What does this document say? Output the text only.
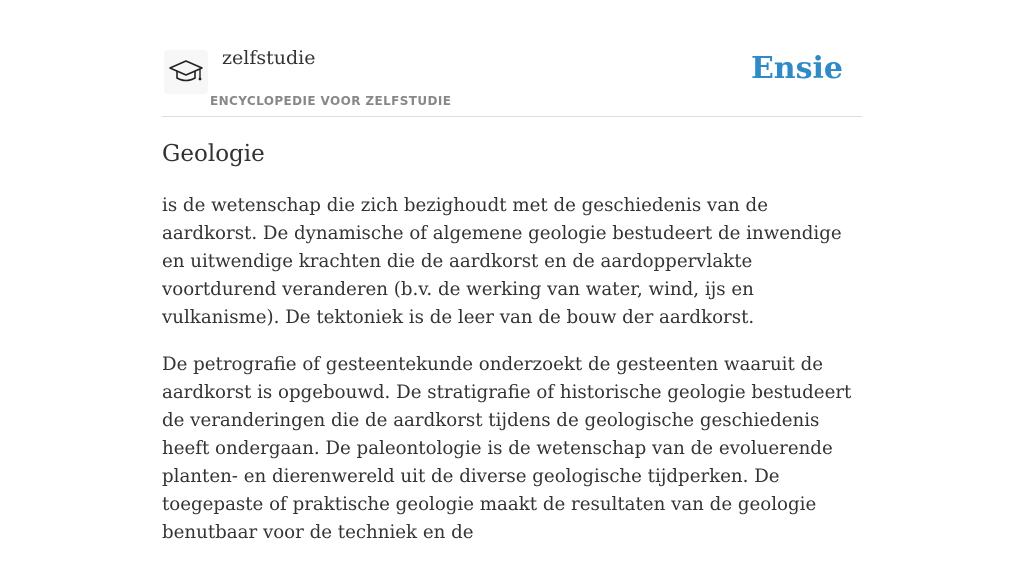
zelfstudie
ENCYCLOPEDIE VOOR ZELFSTUDIE
Ensie
Geologie

is de wetenschap die zich bezighoudt met de geschiedenis van de aardkorst. De dynamische of algemene geologie bestudeert de inwendige en uitwendige krachten die de aardkorst en de aardoppervlakte voortdurend veranderen (b.v. de werking van water, wind, ijs en vulkanisme). De tektoniek is de leer van de bouw der aardkorst.

De petrografie of gesteentekunde onderzoekt de gesteenten waaruit de aardkorst is opgebouwd. De stratigrafie of historische geologie bestudeert de veranderingen die de aardkorst tijdens de geologische geschiedenis heeft ondergaan. De paleontologie is de wetenschap van de evoluerende planten- en dierenwereld uit de diverse geologische tijdperken. De toegepaste of praktische geologie maakt de resultaten van de geologie benutbaar voor de techniek en de
